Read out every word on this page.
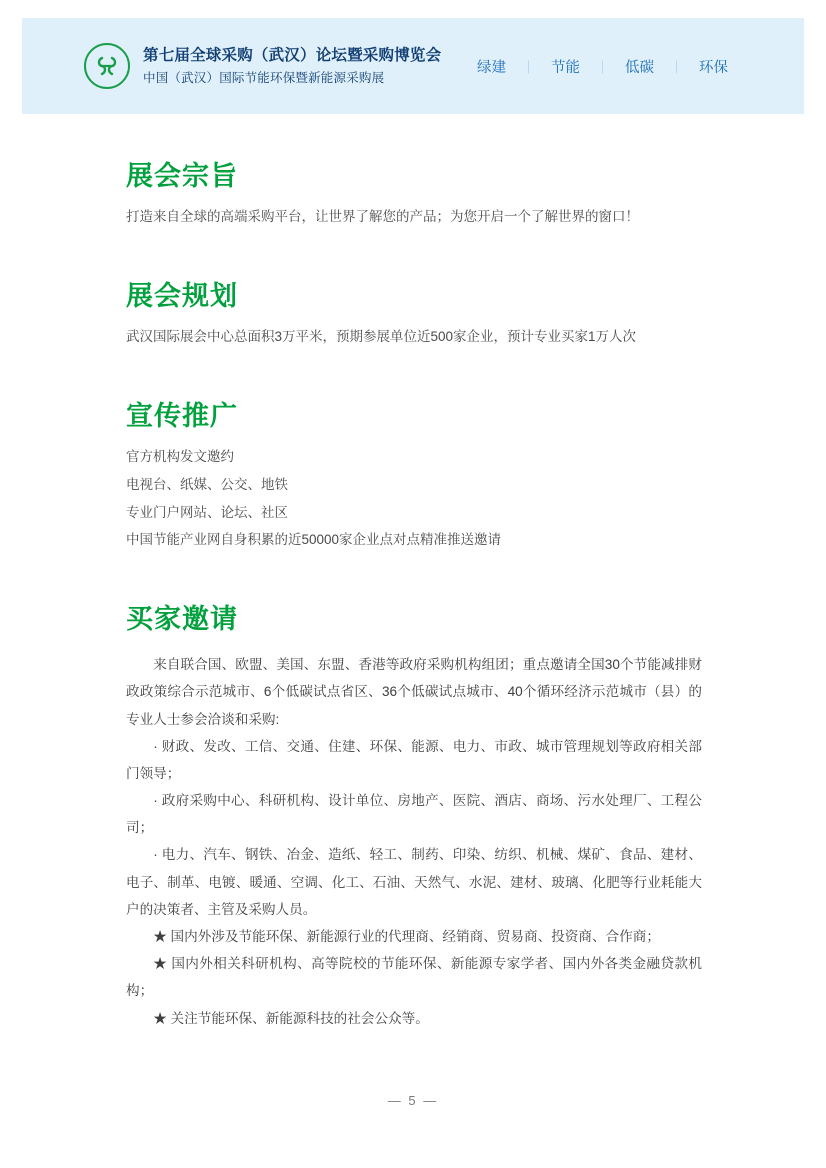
第七届全球采购（武汉）论坛暨采购博览会
中国（武汉）国际节能环保暨新能源采购展
绿建	｜	节能	｜	低碳	｜	环保
展会宗旨
打造来自全球的高端采购平台，让世界了解您的产品；为您开启一个了解世界的窗口！
展会规划
武汉国际展会中心总面积3万平米，预期参展单位近500家企业，预计专业买家1万人次
宣传推广
官方机构发文邀约
电视台、纸媒、公交、地铁
专业门户网站、论坛、社区
中国节能产业网自身积累的近50000家企业点对点精准推送邀请
买家邀请

来自联合国、欧盟、美国、东盟、香港等政府采购机构组团；重点邀请全国30个节能减排财政政策综合示范城市、6个低碳试点省区、36个低碳试点城市、40个循环经济示范城市（县）的专业人士参会洽谈和采购:

· 财政、发改、工信、交通、住建、环保、能源、电力、市政、城市管理规划等政府相关部门领导；

· 政府采购中心、科研机构、设计单位、房地产、医院、酒店、商场、污水处理厂、工程公司；

· 电力、汽车、钢铁、冶金、造纸、轻工、制药、印染、纺织、机械、煤矿、食品、建材、电子、制革、电镀、暖通、空调、化工、石油、天然气、水泥、建材、玻璃、化肥等行业耗能大户的决策者、主管及采购人员。

★ 国内外涉及节能环保、新能源行业的代理商、经销商、贸易商、投资商、合作商；

★ 国内外相关科研机构、高等院校的节能环保、新能源专家学者、国内外各类金融贷款机构；

★ 关注节能环保、新能源科技的社会公众等。

— 5 —
